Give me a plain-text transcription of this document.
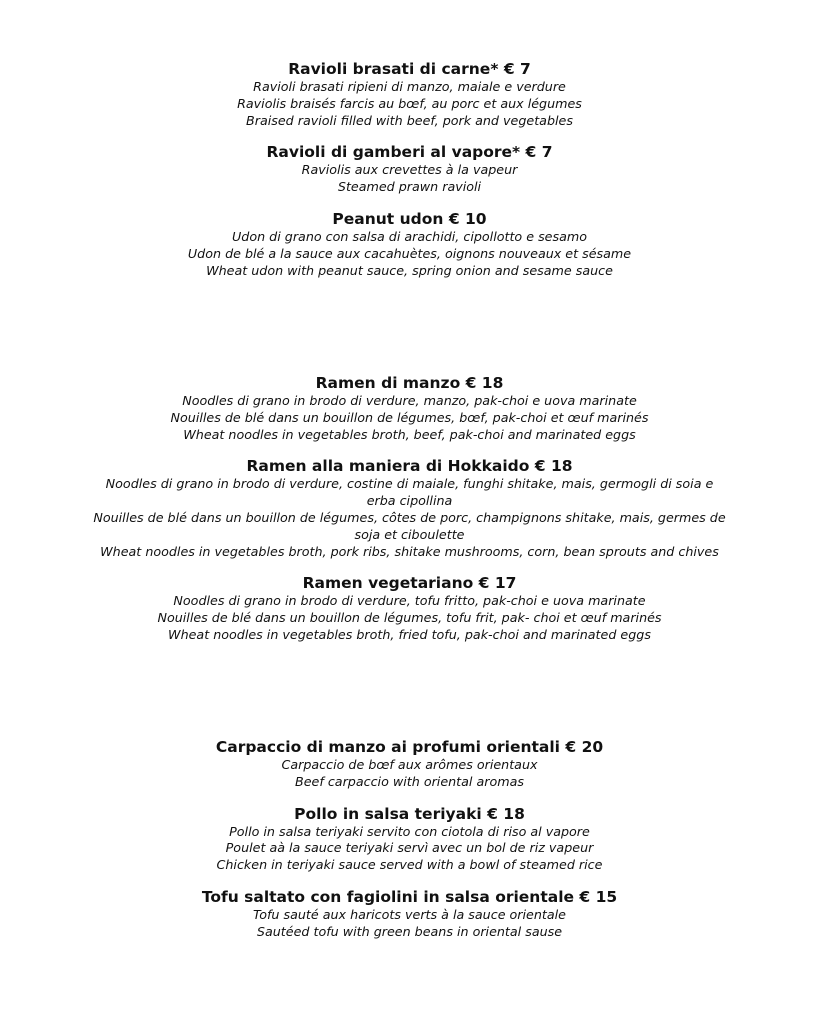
Ravioli brasati di carne* € 7

Ravioli brasati ripieni di manzo, maiale e verdure

Raviolis braisés farcis au bœf, au porc et aux légumes

Braised ravioli filled with beef, pork and vegetables

Ravioli di gamberi al vapore* € 7

Raviolis aux crevettes à la vapeur

Steamed prawn ravioli

Peanut udon € 10

Udon di grano con salsa di arachidi, cipollotto e sesamo

Udon de blé a la sauce aux cacahuètes, oignons nouveaux et sésame

Wheat udon with peanut sauce, spring onion and sesame sauce

Ramen di manzo € 18

Noodles di grano in brodo di verdure, manzo, pak-choi e uova marinate

Nouilles de blé dans un bouillon de légumes, bœf, pak-choi et œuf marinés

Wheat noodles in vegetables broth, beef, pak-choi and marinated eggs

Ramen alla maniera di Hokkaido € 18

Noodles di grano in brodo di verdure, costine di maiale, funghi shitake, mais, germogli di soia e erba cipollina

Nouilles de blé dans un bouillon de légumes, côtes de porc, champignons shitake, mais, germes de soja et ciboulette

Wheat noodles in vegetables broth, pork ribs, shitake mushrooms, corn, bean sprouts and chives

Ramen vegetariano € 17

Noodles di grano in brodo di verdure, tofu fritto, pak-choi e uova marinate

Nouilles de blé dans un bouillon de légumes, tofu frit, pak- choi et œuf marinés

Wheat noodles in vegetables broth, fried tofu, pak-choi and marinated eggs

Carpaccio di manzo ai profumi orientali € 20

Carpaccio de bœf aux arômes orientaux

Beef carpaccio with oriental aromas

Pollo in salsa teriyaki € 18

Pollo in salsa teriyaki servito con ciotola di riso al vapore

Poulet aà la sauce teriyaki servì avec un bol de riz vapeur

Chicken in teriyaki sauce served with a bowl of steamed rice

Tofu saltato con fagiolini in salsa orientale € 15

Tofu sauté aux haricots verts à la sauce orientale

Sautéed tofu with green beans in oriental sause
